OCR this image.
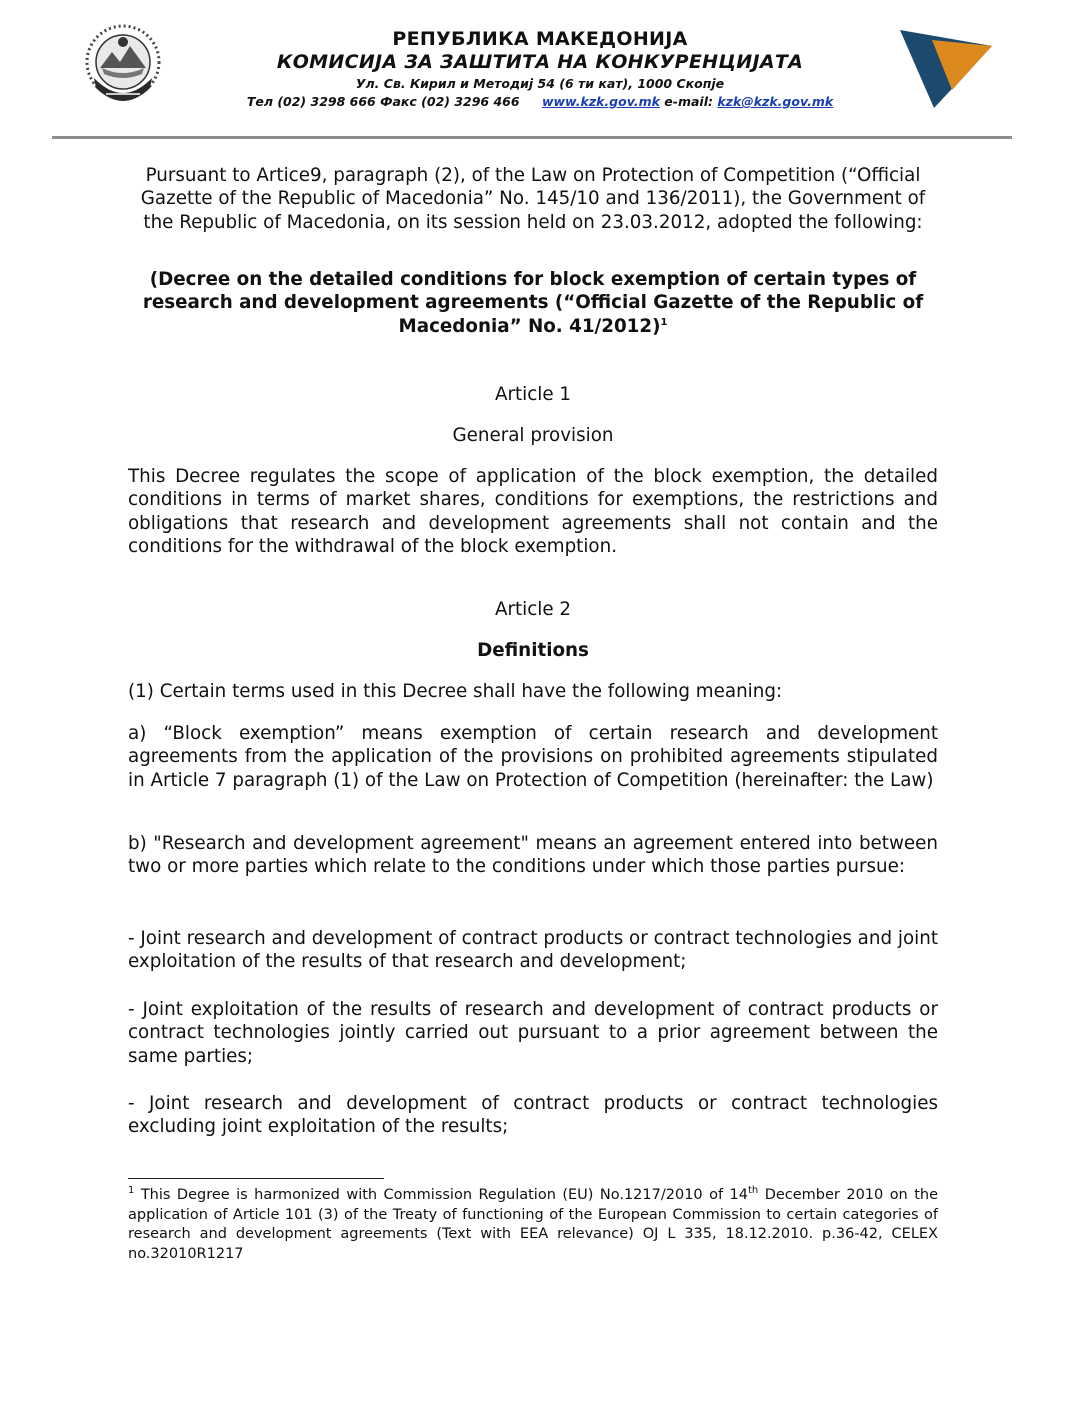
РЕПУБЛИКА МАКЕДОНИЈА

КОМИСИЈА ЗА ЗАШТИТА НА КОНКУРЕНЦИЈАТА

Ул. Св. Кирил и Методиј 54 (6 ти кат), 1000 Скопје

Тел (02) 3298 666 Факс (02) 3296 466 www.kzk.gov.mk e-mail: kzk@kzk.gov.mk

Pursuant to Artice9, paragraph (2), of the Law on Protection of Competition (“Official Gazette of the Republic of Macedonia” No. 145/10 and 136/2011), the Government of the Republic of Macedonia, on its session held on 23.03.2012, adopted the following:

(Decree on the detailed conditions for block exemption of certain types of research and development agreements (“Official Gazette of the Republic of Macedonia” No. 41/2012)$^1$

Article 1

General provision

This Decree regulates the scope of application of the block exemption, the detailed conditions in terms of market shares, conditions for exemptions, the restrictions and obligations that research and development agreements shall not contain and the conditions for the withdrawal of the block exemption.

Article 2

Definitions

(1) Certain terms used in this Decree shall have the following meaning:

a) “Block exemption” means exemption of certain research and development agreements from the application of the provisions on prohibited agreements stipulated in Article 7 paragraph (1) of the Law on Protection of Competition (hereinafter: the Law)

b) "Research and development agreement" means an agreement entered into between two or more parties which relate to the conditions under which those parties pursue:

- Joint research and development of contract products or contract technologies and joint exploitation of the results of that research and development;

- Joint exploitation of the results of research and development of contract products or contract technologies jointly carried out pursuant to a prior agreement between the same parties;

- Joint research and development of contract products or contract technologies excluding joint exploitation of the results;

$^1$ This Degree is harmonized with Commission Regulation (EU) No.1217/2010 of 14th December 2010 on the application of Article 101 (3) of the Treaty of functioning of the European Commission to certain categories of research and development agreements (Text with EEA relevance) OJ L 335, 18.12.2010. p.36-42, CELEX no.32010R1217
